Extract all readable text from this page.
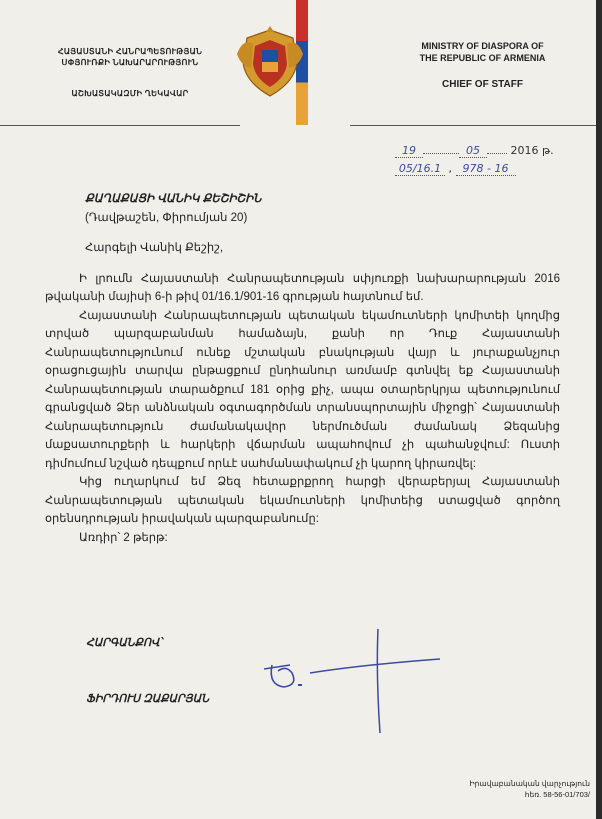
ՀԱՅԱՍՏԱՆԻ ՀԱՆՐԱՊԵՏՈՒԹՅԱՆ
ՍՓՅՈՒՌՔԻ ՆԱԽԱՐԱՐՈՒԹՅՈՒՆ
ԱՇԽԱՏԱԿԱԶՄԻ ՂԵԿԱՎԱՐ
MINISTRY OF DIASPORA OF
THE REPUBLIC OF ARMENIA
CHIEF OF STAFF
19	05	2016 թ.
05/16.1 , 978 - 16

ՔԱՂԱՔԱՑԻ ՎԱՆԻԿ ՔԵՇԻՇԻՆ

(Դավթաշեն, Փիրումյան 20)

Հարգելի Վանիկ Քեշիշ,

Ի լրումն Հայաստանի Հանրապետության սփյուռքի նախարարության 2016 թվականի մայիսի 6-ի թիվ 01/16.1/901-16 գրության հայտնում եմ.

Հայաստանի Հանրապետության պետական եկամուտների կոմիտեի կողմից տրված պարզաբանման համաձայն, քանի որ Դուք Հայաստանի Հանրապետությունում ունեք մշտական բնակության վայր և յուրաքանչյուր օրացուցային տարվա ընթացքում ընդհանուր առմամբ գտնվել եք Հայաստանի Հանրապետության տարածքում 181 օրից քիչ, ապա օտարերկրյա պետությունում գրանցված Ձեր անձնական օգտագործման տրանսպորտային միջոցի՝ Հայաստանի Հանրապետություն ժամանակավոր ներմուծման ժամանակ Ձեզանից մաքսատուրքերի և հարկերի վճարման ապահովում չի պահանջվում: Ուստի դիմումում նշված դեպքում որևէ սահմանափակում չի կարող կիրառվել:

Կից ուղարկում եմ Ձեզ հետաքրքրող հարցի վերաբերյալ Հայաստանի Հանրապետության պետական եկամուտների կոմիտեից ստացված գործող օրենսդրության իրավական պարզաբանումը:

Առդիր՝ 2 թերթ:

ՀԱՐԳԱՆՔՈՎ՝
ՖԻՐԴՈՒՍ ԶԱՔԱՐՅԱՆ
Իրավաբանական վարչություն
հեռ. 58-56-01/703/
